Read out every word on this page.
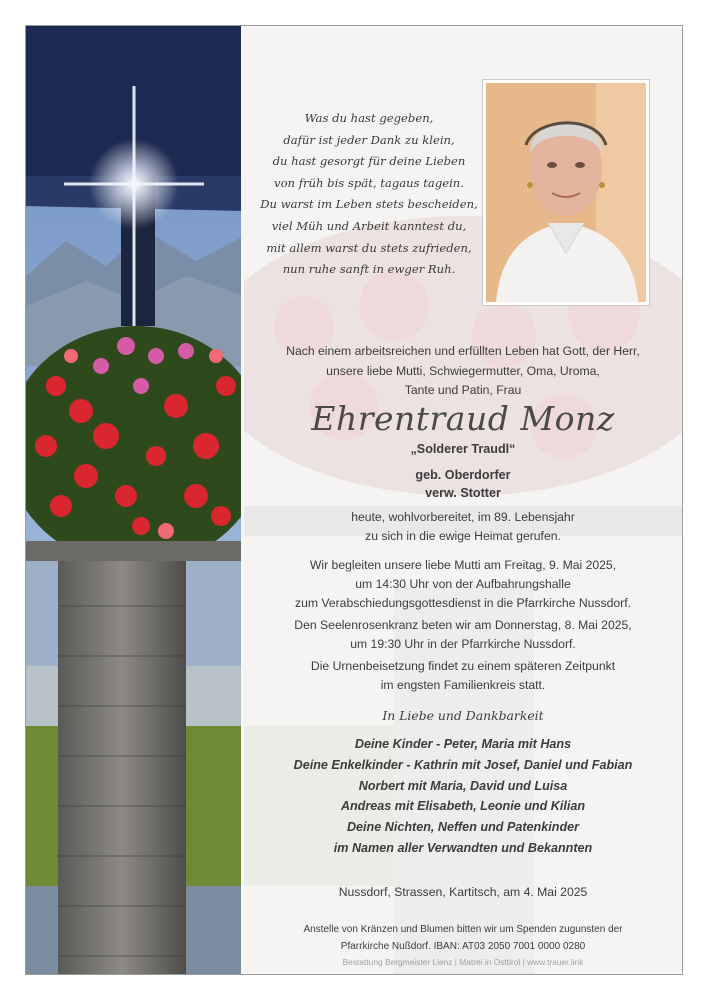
Was du hast gegeben,
dafür ist jeder Dank zu klein,
du hast gesorgt für deine Lieben
von früh bis spät, tagaus tagein.
Du warst im Leben stets bescheiden,
viel Müh und Arbeit kanntest du,
mit allem warst du stets zufrieden,
nun ruhe sanft in ewger Ruh.
Nach einem arbeitsreichen und erfüllten Leben hat Gott, der Herr,
unsere liebe Mutti, Schwiegermutter, Oma, Uroma,
Tante und Patin, Frau
Ehrentraud Monz
„Solderer Traudl“
geb. Oberdorfer
verw. Stotter
heute, wohlvorbereitet, im 89. Lebensjahr
zu sich in die ewige Heimat gerufen.
Wir begleiten unsere liebe Mutti am Freitag, 9. Mai 2025,
um 14:30 Uhr von der Aufbahrungshalle
zum Verabschiedungsgottesdienst in die Pfarrkirche Nussdorf.
Den Seelenrosenkranz beten wir am Donnerstag, 8. Mai 2025,
um 19:30 Uhr in der Pfarrkirche Nussdorf.
Die Urnenbeisetzung findet zu einem späteren Zeitpunkt
im engsten Familienkreis statt.
In Liebe und Dankbarkeit
Deine Kinder - Peter, Maria mit Hans
Deine Enkelkinder - Kathrin mit Josef, Daniel und Fabian
Norbert mit Maria, David und Luisa
Andreas mit Elisabeth, Leonie und Kilian
Deine Nichten, Neffen und Patenkinder
im Namen aller Verwandten und Bekannten
Nussdorf, Strassen, Kartitsch, am 4. Mai 2025
Anstelle von Kränzen und Blumen bitten wir um Spenden zugunsten der
Pfarrkirche Nußdorf. IBAN: AT03 2050 7001 0000 0280
Bestattung Bergmeister Lienz | Matrei in Osttirol | www.trauer.link
